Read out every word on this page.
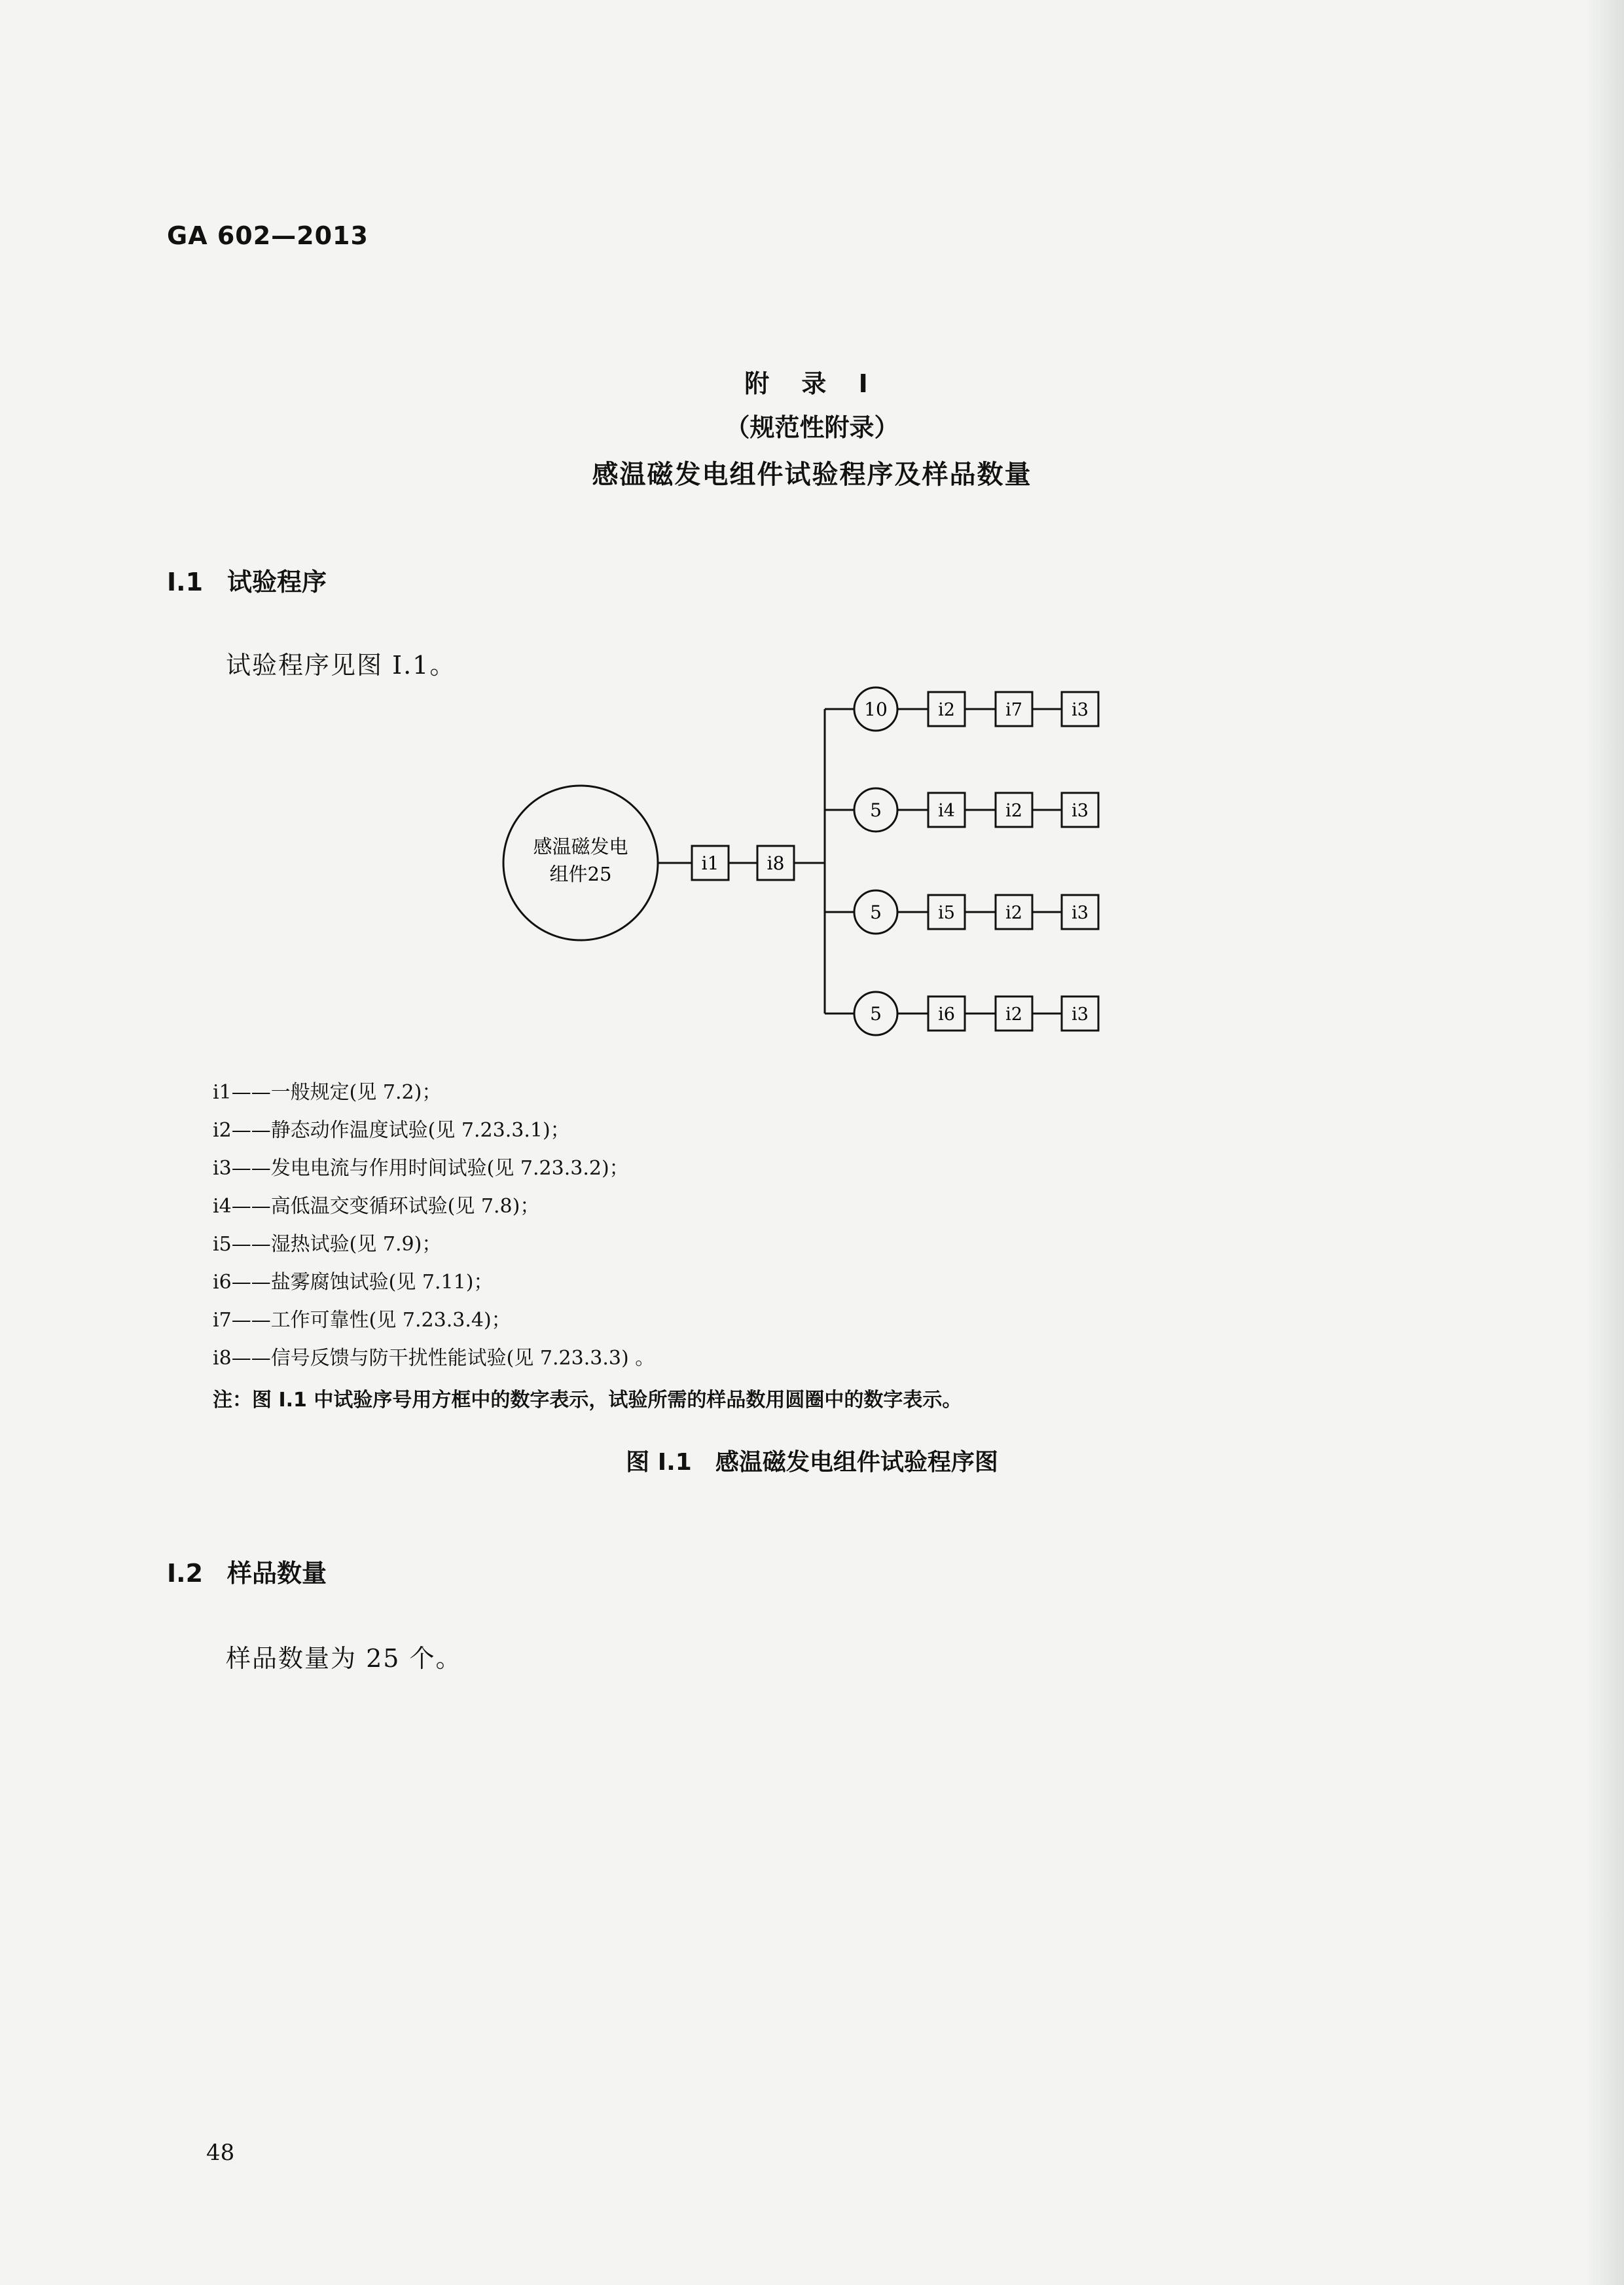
GA 602—2013
附 录 I
（规范性附录）
感温磁发电组件试验程序及样品数量
I.1 试验程序
试验程序见图 I.1。
感温磁发电
组件25	i1	i8
10	i2	i7	i3
5	i4	i2	i3
5	i5	i2	i3
5	i6	i2	i3
i1——一般规定(见 7.2)；
i2——静态动作温度试验(见 7.23.3.1)；
i3——发电电流与作用时间试验(见 7.23.3.2)；
i4——高低温交变循环试验(见 7.8)；
i5——湿热试验(见 7.9)；
i6——盐雾腐蚀试验(见 7.11)；
i7——工作可靠性(见 7.23.3.4)；
i8——信号反馈与防干扰性能试验(见 7.23.3.3) 。
注：图 I.1 中试验序号用方框中的数字表示，试验所需的样品数用圆圈中的数字表示。
图 I.1　感温磁发电组件试验程序图
I.2 样品数量
样品数量为 25 个。
48
